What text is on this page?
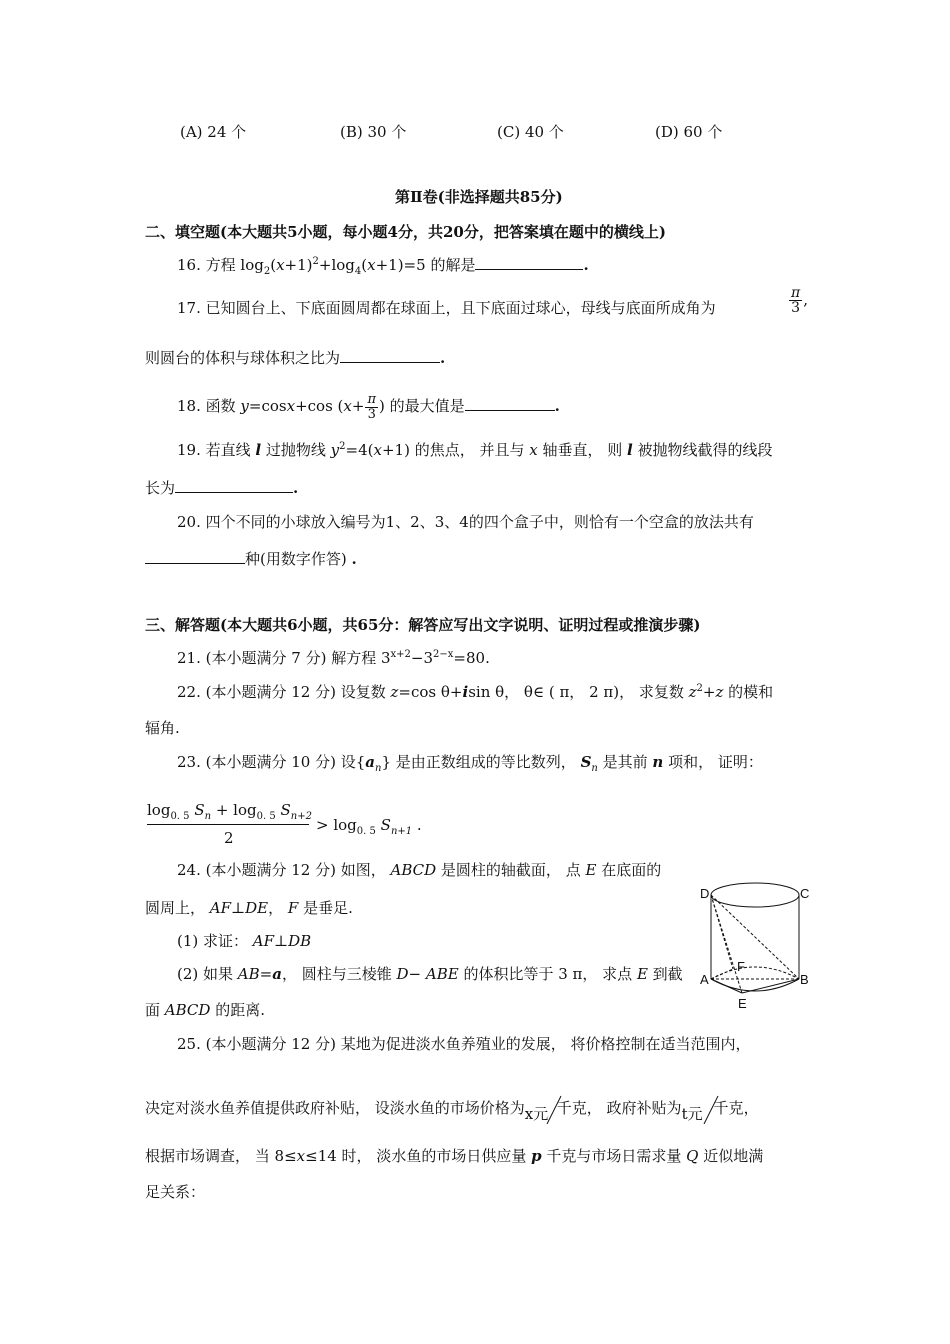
(A) 24 个	(B) 30 个	(C) 40 个	(D) 60 个
第Ⅱ卷(非选择题共85分)
二、填空题(本大题共5小题，每小题4分，共20分，把答案填在题中的横线上)
16. 方程 $\log_2(x+1)^2+\log_4(x+1)=5$ 的解是	.
17. 已知圆台上、下底面圆周都在球面上，且下底面过球心，母线与底面所成角为	$\frac{\pi}{3}$ ,
则圆台的体积与球体积之比为	.
18. 函数 y=cosx+cos ($x+ \frac{\pi}{3}$ ) 的最大值是	.
19. 若直线 l 过抛物线 $y^2=4(x+1)$ 的焦点， 并且与 x 轴垂直， 则 l 被抛物线截得的线段
长为	.
20. 四个不同的小球放入编号为1、2、3、4的四个盒子中，则恰有一个空盒的放法共有
种(用数字作答) .
三、解答题(本大题共6小题，共65分：解答应写出文字说明、证明过程或推演步骤)
21. (本小题满分 7 分) 解方程 $3^{x+2}-3^{2-x}=80$.
22. (本小题满分 12 分) 设复数 z=cos θ+isin θ， θ∈ ( π， 2 π)， 求复数 $z^2+z$ 的模和
辐角.
23. (本小题满分 10 分) 设$\{a_n\}$ 是由正数组成的等比数列， $S_n$ 是其前 n 项和， 证明：
$\log_{0. 5} S_n + \log_{0. 5} S_{n+2}$
2
> $\log_{0. 5} S_{n+1}$ .
24. (本小题满分 12 分) 如图， ABCD 是圆柱的轴截面， 点 E 在底面的
圆周上， AF⊥DE， F 是垂足.
(1) 求证： AF⊥DB
(2) 如果 AB=a， 圆柱与三棱锥 D− ABE 的体积比等于 3 π， 求点 E 到截
面 ABCD 的距离.
D	C
A	B
E
F
25. (本小题满分 12 分) 某地为促进淡水鱼养殖业的发展， 将价格控制在适当范围内，
决定对淡水鱼养值提供政府补贴， 设淡水鱼的市场价格为 x元 千克 ， 政府补贴为 t元 千克 ，
根据市场调查， 当 8≤x≤14 时， 淡水鱼的市场日供应量 p 千克与市场日需求量 Q 近似地满
足关系：
